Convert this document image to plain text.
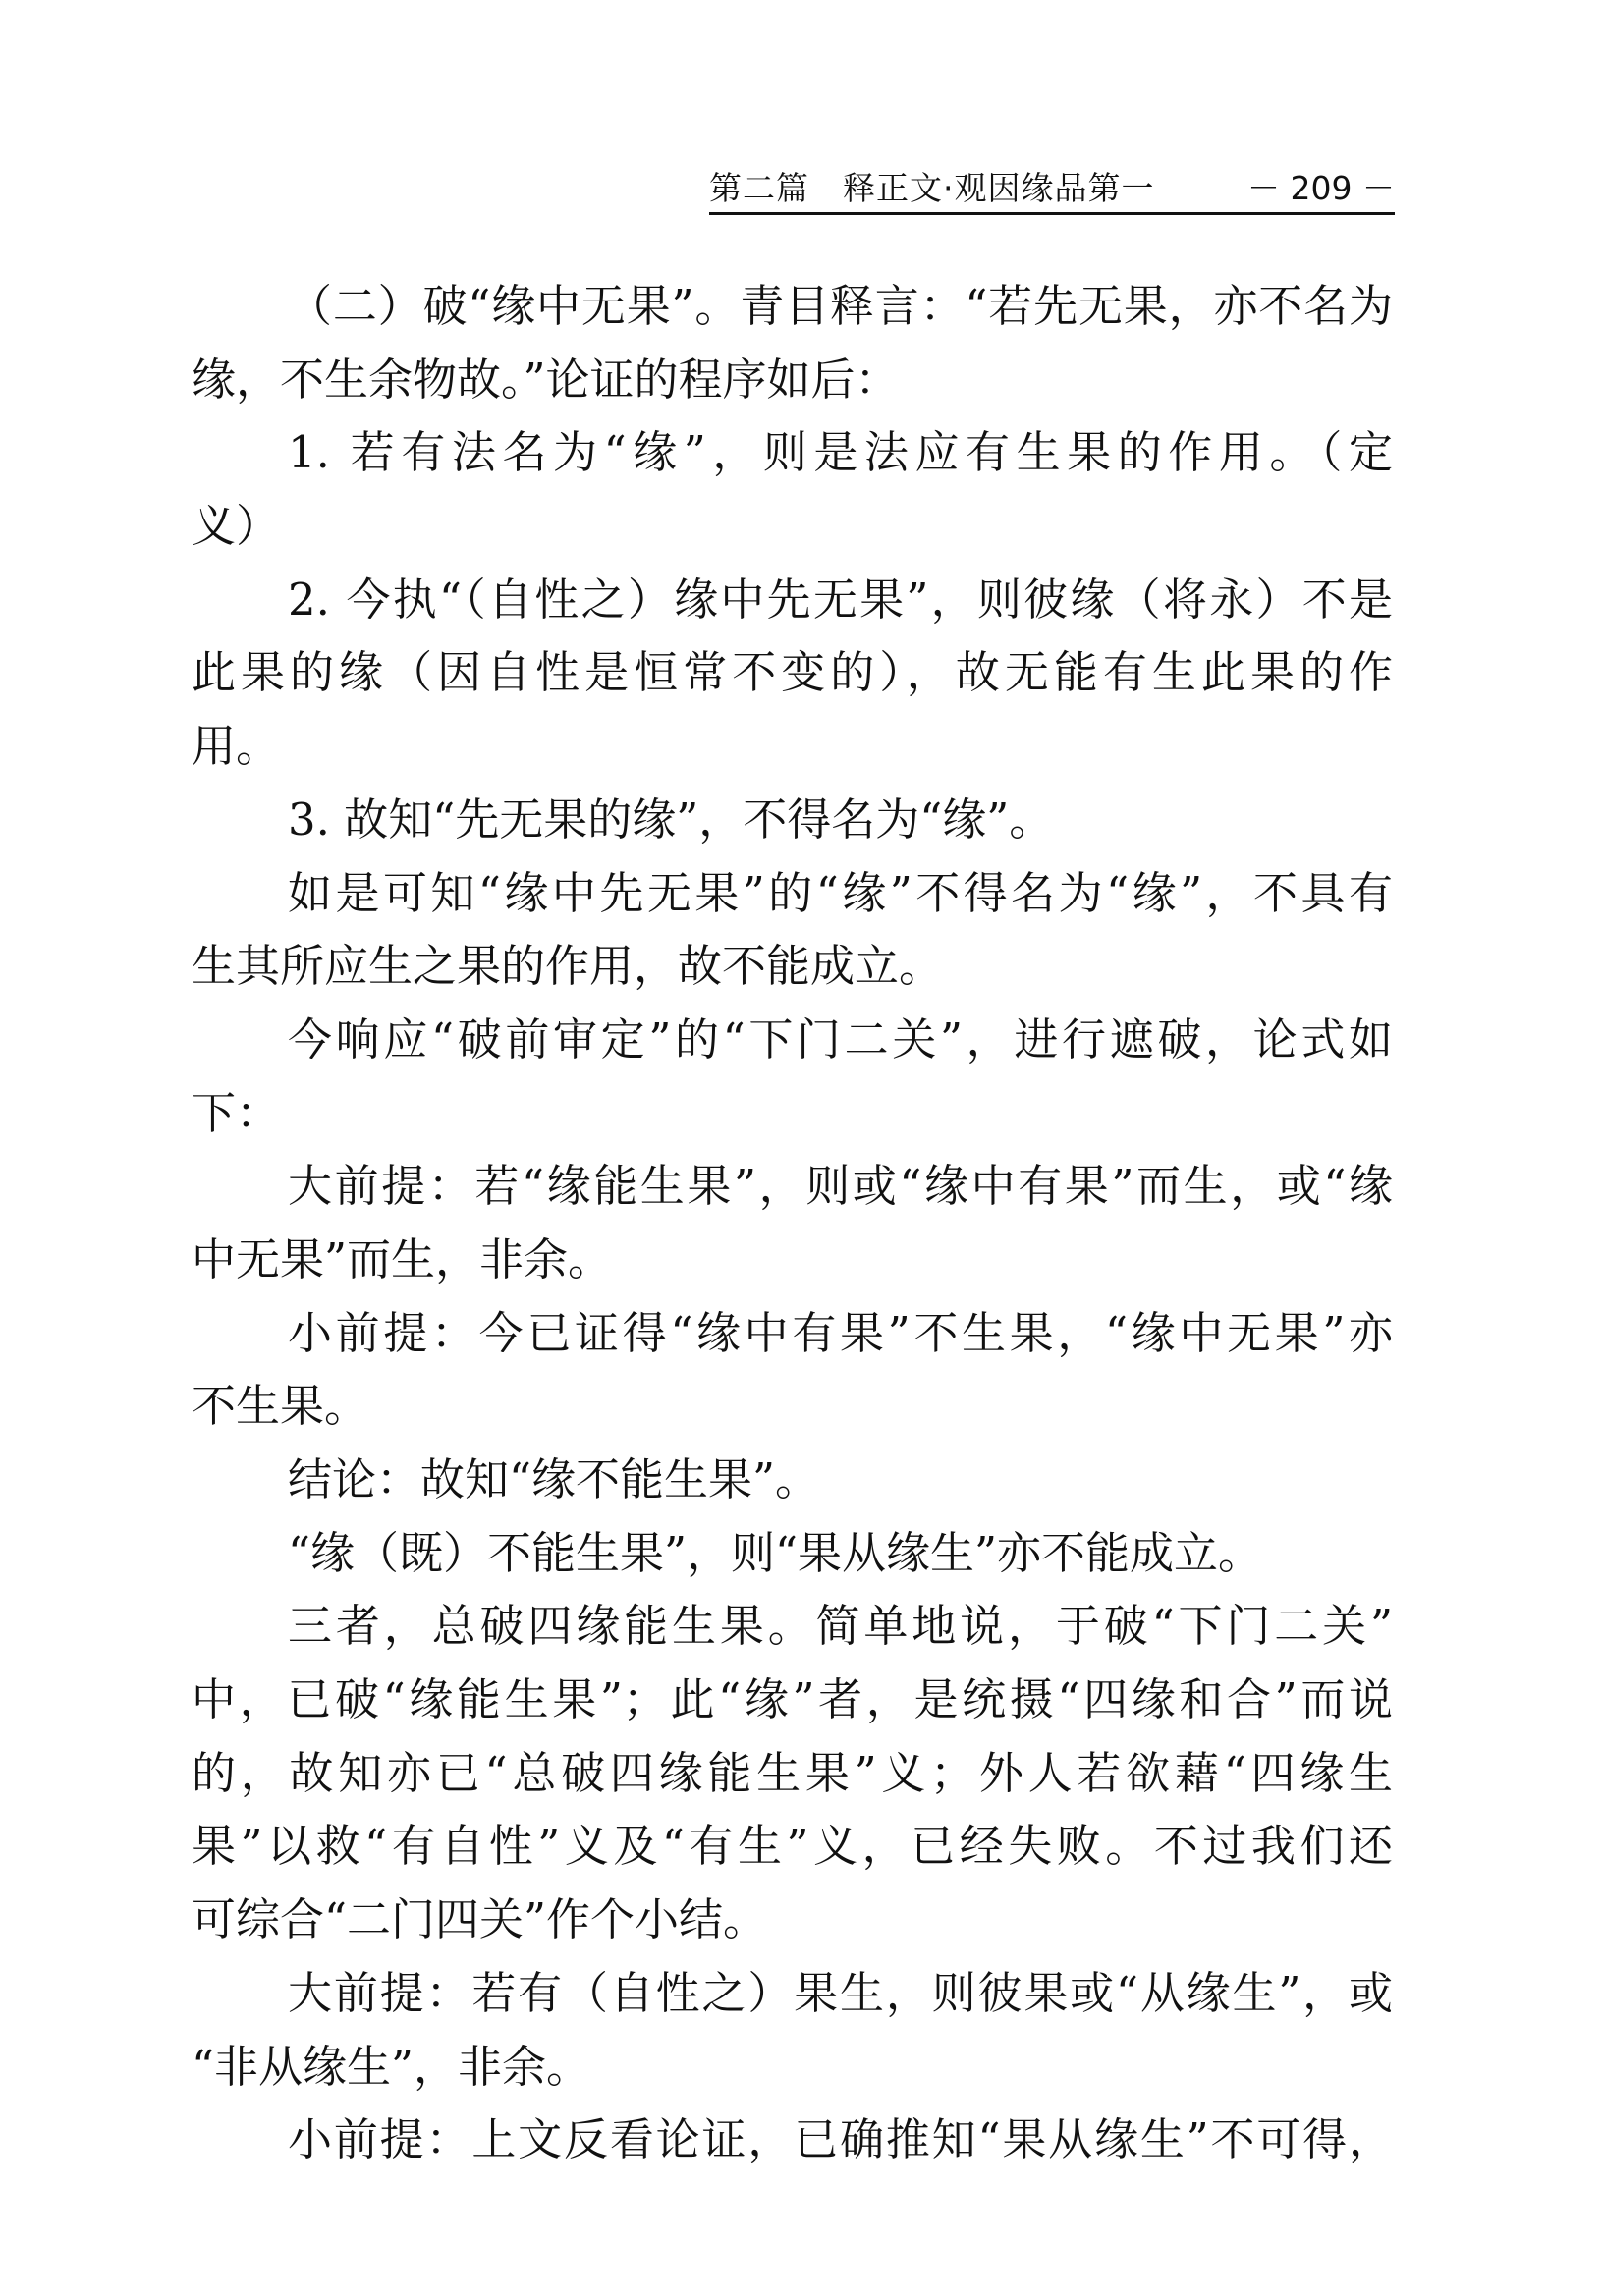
第二篇　释正文·观因缘品第一	－ 209 －
（二）破“缘中无果”。青目释言：“若先无果，亦不名为
缘，不生余物故。”论证的程序如后：
1. 若有法名为“缘”，则是法应有生果的作用。（定
义）
2. 今执“（自性之）缘中先无果”，则彼缘（将永）不是
此果的缘（因自性是恒常不变的），故无能有生此果的作
用。
3. 故知“先无果的缘”，不得名为“缘”。
如是可知“缘中先无果”的“缘”不得名为“缘”，不具有
生其所应生之果的作用，故不能成立。
今响应“破前审定”的“下门二关”，进行遮破，论式如
下：
大前提：若“缘能生果”，则或“缘中有果”而生，或“缘
中无果”而生，非余。
小前提：今已证得“缘中有果”不生果，“缘中无果”亦
不生果。
结论：故知“缘不能生果”。
“缘（既）不能生果”，则“果从缘生”亦不能成立。
三者，总破四缘能生果。简单地说，于破“下门二关”
中，已破“缘能生果”；此“缘”者，是统摄“四缘和合”而说
的，故知亦已“总破四缘能生果”义；外人若欲藉“四缘生
果”以救“有自性”义及“有生”义，已经失败。不过我们还
可综合“二门四关”作个小结。
大前提：若有（自性之）果生，则彼果或“从缘生”，或
“非从缘生”，非余。
小前提：上文反看论证，已确推知“果从缘生”不可得，
